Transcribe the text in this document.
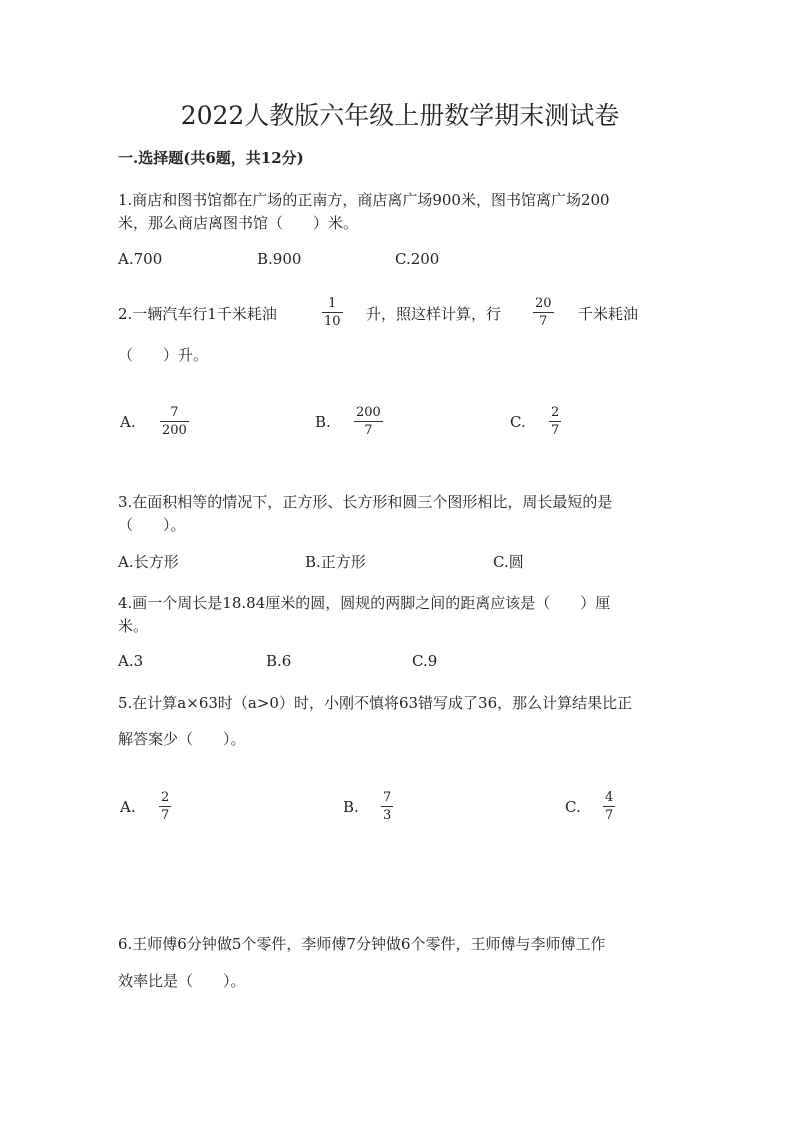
2022人教版六年级上册数学期末测试卷
一.选择题(共6题，共12分)
1.商店和图书馆都在广场的正南方，商店离广场900米，图书馆离广场200
米，那么商店离图书馆（　　）米。
A.700	B.900	C.200
2.一辆汽车行1千米耗油
1
10 升，照这样计算，行
20
7 千米耗油
（　　）升。
A.
7
200	B.
200
7	C.
2
7
3.在面积相等的情况下，正方形、长方形和圆三个图形相比，周长最短的是
（　　）。
A.长方形	B.正方形	C.圆
4.画一个周长是18.84厘米的圆，圆规的两脚之间的距离应该是（　　）厘
米。
A.3	B.6	C.9
5.在计算a×63时（a>0）时，小刚不慎将63错写成了36，那么计算结果比正
解答案少（　　）。
A.
2
7	B.
7
3	C.
4
7
6.王师傅6分钟做5个零件，李师傅7分钟做6个零件，王师傅与李师傅工作
效率比是（　　）。
